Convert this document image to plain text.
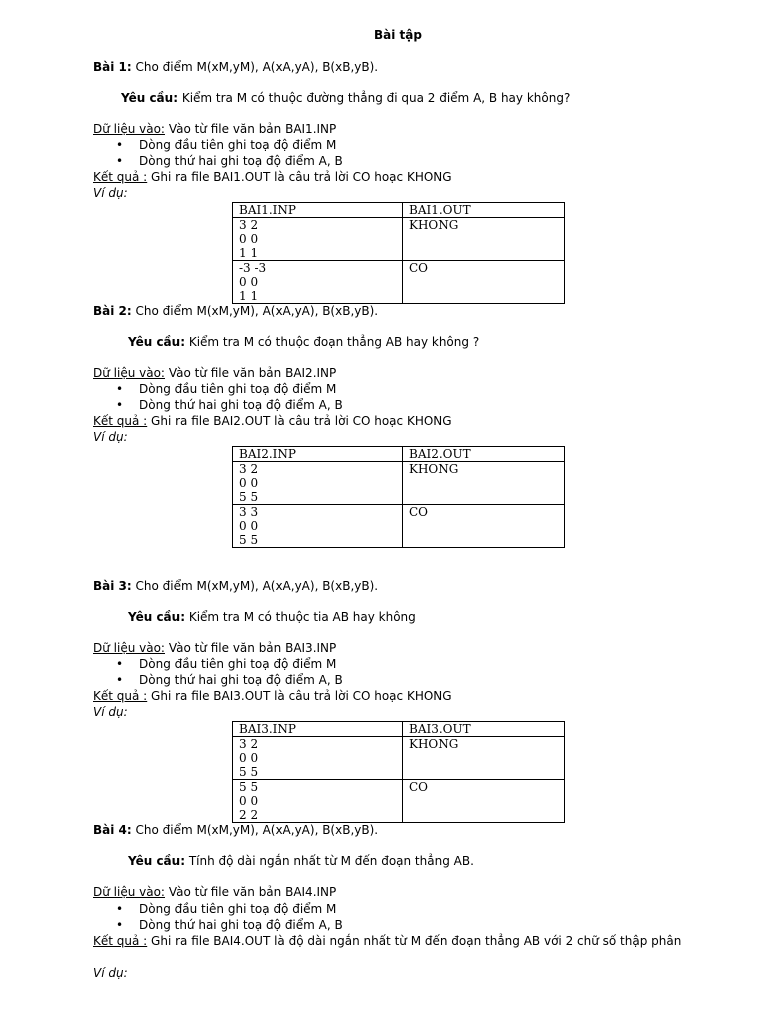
Bài tập
Bài 1: Cho điểm M(xM,yM), A(xA,yA), B(xB,yB).
Yêu cầu: Kiểm tra M có thuộc đường thẳng đi qua 2 điểm A, B hay không?
Dữ liệu vào: Vào từ file văn bản BAI1.INP
• Dòng đầu tiên ghi toạ độ điểm M
• Dòng thứ hai ghi toạ độ điểm A, B
Kết quả : Ghi ra file BAI1.OUT là câu trả lời CO hoạc KHONG
Ví dụ:
BAI1.INP	BAI1.OUT

3 2
0 0
1 1	KHONG

-3 -3
0 0
1 1	CO
Bài 2: Cho điểm M(xM,yM), A(xA,yA), B(xB,yB).
Yêu cầu: Kiểm tra M có thuộc đoạn thẳng AB hay không ?
Dữ liệu vào: Vào từ file văn bản BAI2.INP
• Dòng đầu tiên ghi toạ độ điểm M
• Dòng thứ hai ghi toạ độ điểm A, B
Kết quả : Ghi ra file BAI2.OUT là câu trả lời CO hoạc KHONG
Ví dụ:
BAI2.INP	BAI2.OUT

3 2
0 0
5 5	KHONG

3 3
0 0
5 5	CO
Bài 3: Cho điểm M(xM,yM), A(xA,yA), B(xB,yB).
Yêu cầu: Kiểm tra M có thuộc tia AB hay không
Dữ liệu vào: Vào từ file văn bản BAI3.INP
• Dòng đầu tiên ghi toạ độ điểm M
• Dòng thứ hai ghi toạ độ điểm A, B
Kết quả : Ghi ra file BAI3.OUT là câu trả lời CO hoạc KHONG
Ví dụ:
BAI3.INP	BAI3.OUT

3 2
0 0
5 5	KHONG

5 5
0 0
2 2	CO
Bài 4: Cho điểm M(xM,yM), A(xA,yA), B(xB,yB).
Yêu cầu: Tính độ dài ngắn nhất từ M đến đoạn thẳng AB.
Dữ liệu vào: Vào từ file văn bản BAI4.INP
• Dòng đầu tiên ghi toạ độ điểm M
• Dòng thứ hai ghi toạ độ điểm A, B
Kết quả : Ghi ra file BAI4.OUT là độ dài ngắn nhất từ M đến đoạn thẳng AB với 2 chữ số thập phân
Ví dụ:
